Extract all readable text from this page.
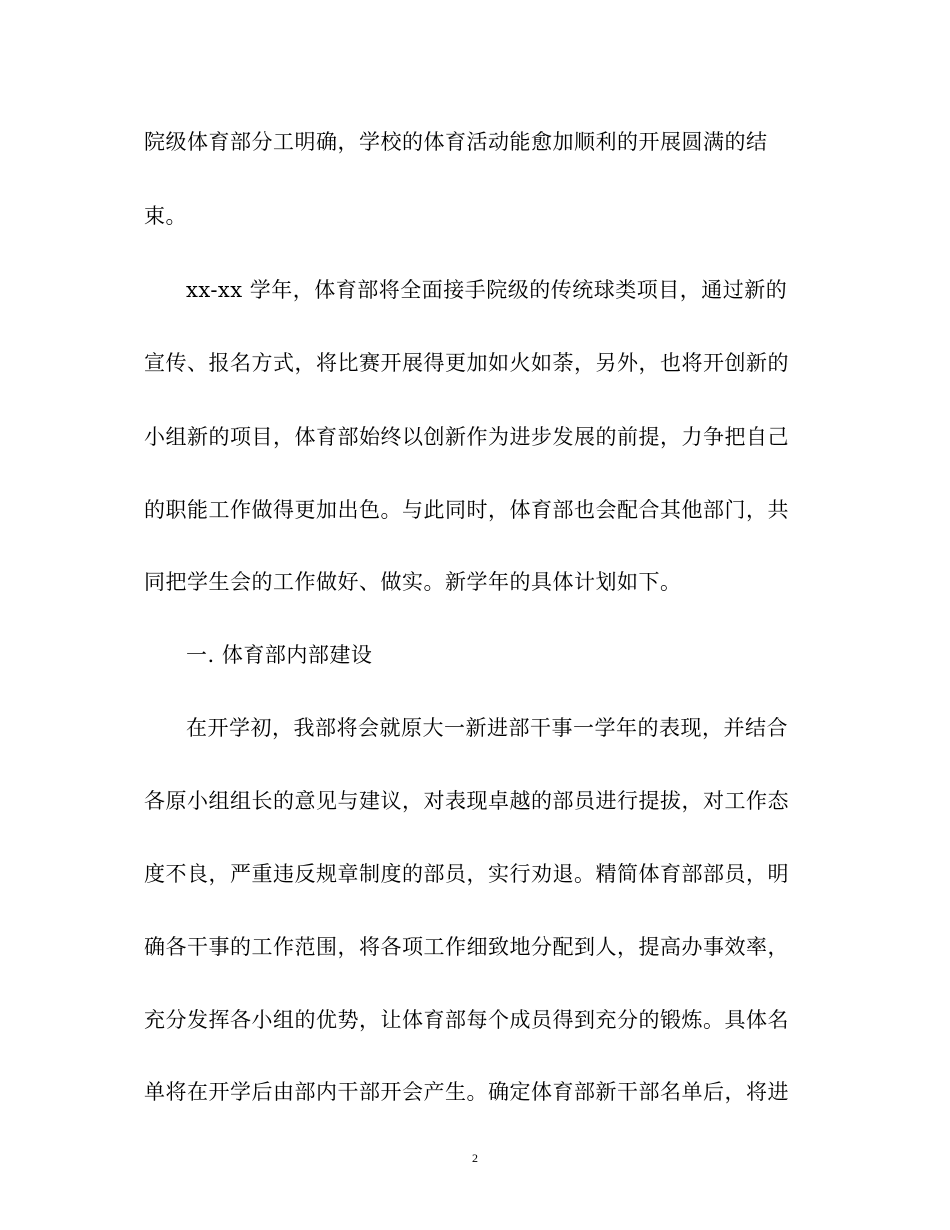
院级体育部分工明确，学校的体育活动能愈加顺利的开展圆满的结
束。
xx-xx 学年，体育部将全面接手院级的传统球类项目，通过新的
宣传、报名方式，将比赛开展得更加如火如荼，另外，也将开创新的
小组新的项目，体育部始终以创新作为进步发展的前提，力争把自己
的职能工作做得更加出色。与此同时，体育部也会配合其他部门，共
同把学生会的工作做好、做实。新学年的具体计划如下。
一. 体育部内部建设
在开学初，我部将会就原大一新进部干事一学年的表现，并结合
各原小组组长的意见与建议，对表现卓越的部员进行提拔，对工作态
度不良，严重违反规章制度的部员，实行劝退。精简体育部部员，明
确各干事的工作范围，将各项工作细致地分配到人，提高办事效率，
充分发挥各小组的优势，让体育部每个成员得到充分的锻炼。具体名
单将在开学后由部内干部开会产生。确定体育部新干部名单后，将进
2
